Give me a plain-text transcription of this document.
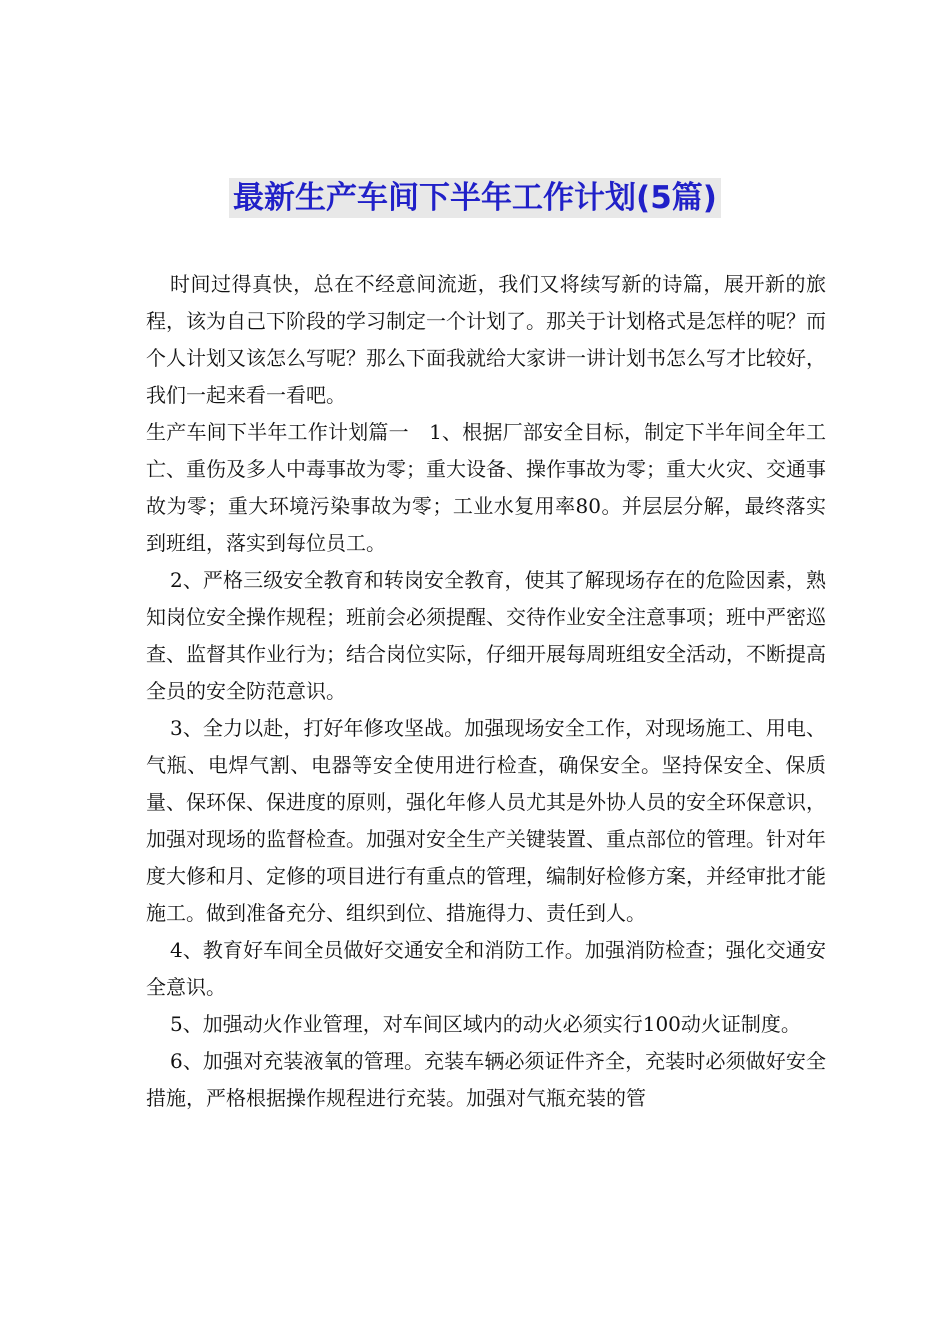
最新生产车间下半年工作计划(5篇)

时间过得真快，总在不经意间流逝，我们又将续写新的诗篇，展开新的旅程，该为自己下阶段的学习制定一个计划了。那关于计划格式是怎样的呢？而个人计划又该怎么写呢？那么下面我就给大家讲一讲计划书怎么写才比较好，我们一起来看一看吧。

生产车间下半年工作计划篇一　1、根据厂部安全目标，制定下半年间全年工亡、重伤及多人中毒事故为零；重大设备、操作事故为零；重大火灾、交通事故为零；重大环境污染事故为零；工业水复用率80。并层层分解，最终落实到班组，落实到每位员工。

2、严格三级安全教育和转岗安全教育，使其了解现场存在的危险因素，熟知岗位安全操作规程；班前会必须提醒、交待作业安全注意事项；班中严密巡查、监督其作业行为；结合岗位实际，仔细开展每周班组安全活动，不断提高全员的安全防范意识。

3、全力以赴，打好年修攻坚战。加强现场安全工作，对现场施工、用电、气瓶、电焊气割、电器等安全使用进行检查，确保安全。坚持保安全、保质量、保环保、保进度的原则，强化年修人员尤其是外协人员的安全环保意识，加强对现场的监督检查。加强对安全生产关键装置、重点部位的管理。针对年度大修和月、定修的项目进行有重点的管理，编制好检修方案，并经审批才能施工。做到准备充分、组织到位、措施得力、责任到人。

4、教育好车间全员做好交通安全和消防工作。加强消防检查；强化交通安全意识。

5、加强动火作业管理，对车间区域内的动火必须实行100动火证制度。

6、加强对充装液氧的管理。充装车辆必须证件齐全，充装时必须做好安全措施，严格根据操作规程进行充装。加强对气瓶充装的管
